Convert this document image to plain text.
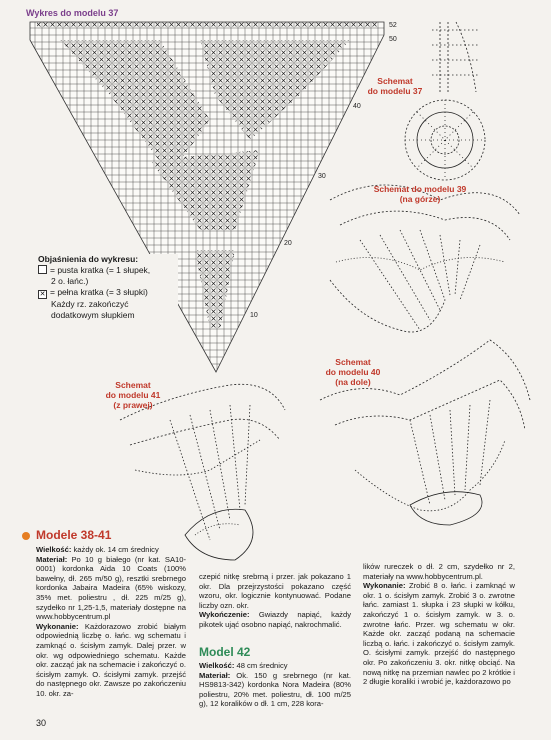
Wykres do modelu 37
52
50
40
30
20
10
Objaśnienia do wykresu:
= pusta kratka (= 1 słupek,
2 o. łańc.)
✕ = pełna kratka (= 3 słupki)
Każdy rz. zakończyć
dodatkowym słupkiem
Schemat
do modelu 37
Schemat do modelu 39
(na górze)
Schemat
do modelu 41
(z prawej)
Schemat
do modelu 40
(na dole)
Modele 38-41

Wielkość: każdy ok. 14 cm średnicy

Materiał: Po 10 g białego (nr kat. SA10-0001) kordonka Aida 10 Coats (100% bawełny, dł. 265 m/50 g), resztki srebrnego kordonka Jabaira Madeira (65% wiskozy, 35% met. poliestru , dł. 225 m/25 g), szydełko nr 1,25-1,5, materiały dostępne na www.hobbycentrum.pl

Wykonanie: Każdorazowo zrobić białym odpowiednią liczbę o. łańc. wg schematu i zamknąć o. ścisłym zamyk. Dalej przer. w okr. wg odpowiedniego schematu. Każde okr. zacząć jak na schemacie i zakończyć o. ścisłym zamyk. O. ścisłymi zamyk. przejść do następnego okr. Zawsze po zakończeniu 10. okr. za-

czepić nitkę srebrną i przer. jak pokazano 1 okr. Dla przejrzystości pokazano część wzoru, okr. logicznie kontynuować. Podane liczby ozn. okr.

Wykończenie: Gwiazdy napiąć, każdy pikotek ująć osobno napiąć, nakrochmalić.

Model 42

Wielkość: 48 cm średnicy

Materiał: Ok. 150 g srebrnego (nr kat. HS9813-342) kordonka Nora Madeira (80% poliestru, 20% met. poliestru, dł. 100 m/25 g), 12 koralików o dł. 1 cm, 228 kora-

lików rureczek o dł. 2 cm, szydełko nr 2, materiały na www.hobbycentrum.pl.

Wykonanie: Zrobić 8 o. łańc. i zamknąć w okr. 1 o. ścisłym zamyk. Zrobić 3 o. zwrotne łańc. zamiast 1. słupka i 23 słupki w kółku, zakończyć 1 o. ścisłym zamyk. w 3. o. zwrotne łańc. Przer. wg schematu w okr. Każde okr. zacząć podaną na schemacie liczbą o. łańc. i zakończyć o. ścisłym zamyk. O. ścisłymi zamyk. przejść do następnego okr. Po zakończeniu 3. okr. nitkę obciąć. Na nową nitkę na przemian nawlec po 2 krótkie i 2 długie koraliki i wrobić je, każdorazowo po

30
